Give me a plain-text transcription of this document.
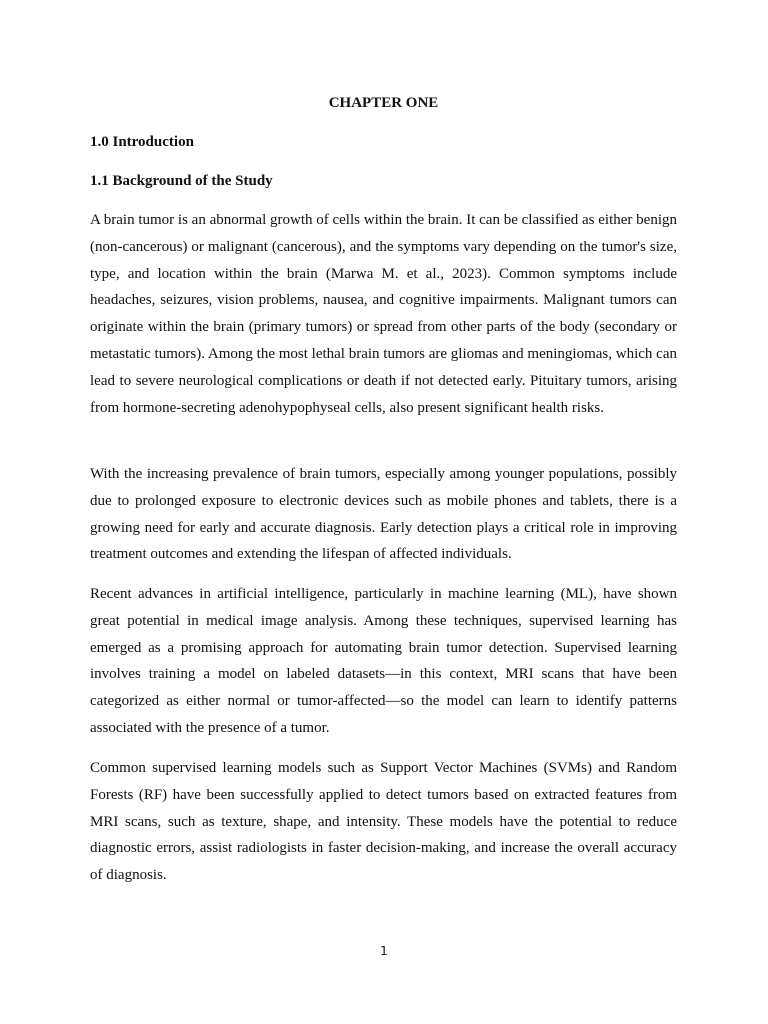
CHAPTER ONE
1.0 Introduction
1.1 Background of the Study

A brain tumor is an abnormal growth of cells within the brain. It can be classified as either benign (non-cancerous) or malignant (cancerous), and the symptoms vary depending on the tumor's size, type, and location within the brain (Marwa M. et al., 2023). Common symptoms include headaches, seizures, vision problems, nausea, and cognitive impairments. Malignant tumors can originate within the brain (primary tumors) or spread from other parts of the body (secondary or metastatic tumors). Among the most lethal brain tumors are gliomas and meningiomas, which can lead to severe neurological complications or death if not detected early. Pituitary tumors, arising from hormone-secreting adenohypophyseal cells, also present significant health risks.

With the increasing prevalence of brain tumors, especially among younger populations, possibly due to prolonged exposure to electronic devices such as mobile phones and tablets, there is a growing need for early and accurate diagnosis. Early detection plays a critical role in improving treatment outcomes and extending the lifespan of affected individuals.

Recent advances in artificial intelligence, particularly in machine learning (ML), have shown great potential in medical image analysis. Among these techniques, supervised learning has emerged as a promising approach for automating brain tumor detection. Supervised learning involves training a model on labeled datasets—in this context, MRI scans that have been categorized as either normal or tumor-affected—so the model can learn to identify patterns associated with the presence of a tumor.

Common supervised learning models such as Support Vector Machines (SVMs) and Random Forests (RF) have been successfully applied to detect tumors based on extracted features from MRI scans, such as texture, shape, and intensity. These models have the potential to reduce diagnostic errors, assist radiologists in faster decision-making, and increase the overall accuracy of diagnosis.

1
